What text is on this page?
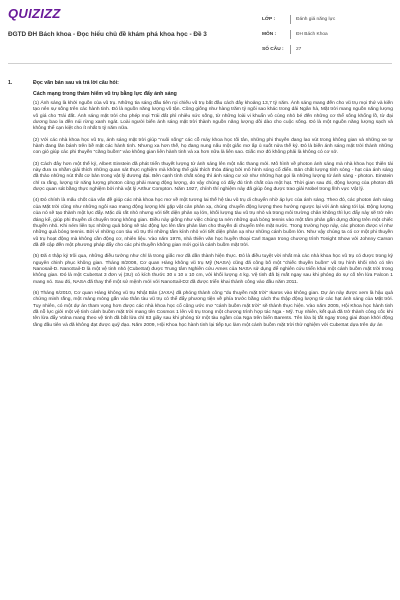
QUIZIZZ
ĐGTD ĐH Bách khoa - Đọc hiểu chủ đề khám phá khoa học - Đề 3
LỚP :	Đánh giá năng lực
MÔN :	ĐH Bách Khoa
SỐ CÂU :	27
1.	Đọc văn bản sau và trả lời câu hỏi:
Cách mạng trong thám hiểm vũ trụ bằng lực đẩy ánh sáng

(1) Ánh sáng là khởi nguồn của vũ trụ. Những tia sáng đầu tiên rọi chiếu vũ trụ bắt đầu cách đây khoảng 13,7 tỷ năm. Ánh sáng mang đến cho vũ trụ mọi thứ và kiến tạo nên sự sống trên các hành tinh. Đó là nguồn năng lượng vô tận. Cũng giống như hàng trăm tỷ ngôi sao khác trong dải Ngân hà, Mặt trời mang nguồn năng lượng vô giá cho Trái đất. Ánh sáng mặt trời cho phép mọi Trái đất phì nhiêu sức sống, từ những loài vi khuẩn vô cùng nhỏ bé đến những cơ thể sống khổng lồ, từ đại dương bao la đến núi rừng xanh ngát. Loài người biến ánh sáng mặt trời thành nguồn năng lượng dồi dào cho cuộc sống. Đó là một nguồn năng lượng sạch và không thể cạn kiệt cho ít nhất 5 tỷ năm nữa.

(2) Với các nhà khoa học vũ trụ, ánh sáng mặt trời giúp "nuôi sống" các cỗ máy khoa học tối tân, những phi thuyền đang lao vút trong không gian và những xe tự hành đang lăn bánh trên bề mặt các hành tinh. Nhưng xa hơn thế, họ đang nung nấu một giấc mơ ấp ủ suốt nửa thế kỷ. Đó là biến ánh sáng mặt trời thành những con gió giúp các phi thuyền "căng buồm" vào không gian liên hành tinh và xa hơn nữa là liên sao. Giấc mơ đó không phải là không có cơ sở.

(3) Cách đây hơn một thế kỷ, Albert Einstein đã phát triển thuyết lượng tử ánh sáng lên một nấc thang mới. Mô hình về photon ánh sáng mà nhà khoa học thiên tài này đưa ra nhằm giải thích những quan sát thực nghiệm mà không thể giải thích thỏa đáng bởi mô hình sóng cổ điển. Bản chất lượng tính sóng - hạt của ánh sáng đã thảo những nút thắt cơ bản trong vật lý đương đại. Bên cạnh tính chất sóng thì ánh sáng cư xử như những hạt gọi là những lượng tử ánh sáng - photon. Einstein chỉ ra rằng, lượng tử năng lượng photon cũng phải mang động lượng, do vậy chúng có đẩy đủ tính chất của một hạt. Thời gian sau đó, động lượng của photon đã được quan sát bằng thực nghiệm bởi nhà vật lý Arthur Compton. Năm 1927, chính thí nghiệm này đã giúp ông được trao giải Nobel trong lĩnh vực Vật lý.

(4) Đó chính là mấu chốt của vấn đề giúp các nhà khoa học mơ về một tương lai thế hệ tàu vũ trụ di chuyển nhờ áp lực của ánh sáng. Theo đó, các photon ánh sáng của Mặt trời cũng như những ngôi sao mang động lượng khi gặp vật cản phản xạ, chúng chuyển động lượng theo hướng ngược lại với ánh sáng tới lại. Động lượng của nó sẽ tạo thành một lực đẩy. Mặc dù rất nhỏ nhưng với tiết diện phản xạ lớn, khối lượng tàu vũ trụ nhỏ và trong môi trường chân không thì lực đẩy này sẽ trở nên đáng kể, giúp phi thuyền di chuyển trong không gian. Điều này giống như việc chúng ta nén những quả bóng tennis vào một tấm phản gắn dựng đứng trên một chiếc thuyền nhỏ. Khi ném liên tục những quả bóng sẽ tác động lực lên tấm phản làm cho thuyền di chuyển trên mặt nước. Trong trường hợp này, các photon được ví như những quả bóng tennis. Bởi vì những con tàu vũ trụ thì những tấm kính nhỏ với tiết diện phản xạ như những cánh buồm lớn. Như vậy chúng ta có cơ một phi thuyền vũ trụ hoạt động mà không cần động cơ, nhiên liệu. Vào năm 1976, nhà thiên văn học huyền thoại Carl Sagan trong chương trình Tonight Show với Johnny Carson đã đề cập đến một phương pháp đẩy cho các phi thuyền không gian mới gọi là cánh buồm mặt trời.

(5) Đã 4 thập kỷ trôi qua, những điều tưởng như chỉ là trong giấc mơ đã dần thành hiện thực. Đó là điều tuyệt vời nhất mà các nhà khoa học vũ trụ có được trong kỷ nguyên chinh phục không gian. Tháng 8/2008, Cơ quan Hàng không vũ trụ Mỹ (NASA) cũng đã công bố một "chiếc thuyền buồm" vũ trụ hình khối nhỏ có tên Nanosail-D. NanoSail-D là một vệ tinh nhỏ (CubeSat) được Trung tâm Nghiên cứu Ames của NASA sử dụng để nghiên cứu triển khai một cánh buồm mặt trời trong không gian. Đó là một CubeSat 3 đơn vị (3U) có kích thước 30 x 10 x 10 cm, với khối lượng 4 kg. Vệ tinh đã bị mất ngay sau khi phóng do sự cố tên lửa Falcon 1 mang nó. Sau đó, NASA đã thay thế một sứ mệnh mới với NanoSail-D2 đã được triển khai thành công vào đầu năm 2011.

(6) Tháng 6/2010, Cơ quan Hàng không vũ trụ Nhật Bản (JAXA) đã phóng thành công "du thuyền mặt trời" Ikaros vào không gian. Dự án này được xem là hậu quả chứng minh rằng, một mảng mỏng gắn vào thân tàu vũ trụ có thể đẩy phương tiện về phía trước bằng cách thu thập động lượng từ các hạt ánh sáng của Mặt trời. Tuy nhiên, có một dự án tham vọng hơn được các nhà khoa học cổ cũng ước mơ "cánh buồm mặt trời" sẽ thành thực hiện. Vào năm 2005, Hội Khoa học hành tinh đã nỗ lực giới một vệ tinh cánh buồm mặt trời mang tên Cosmos 1 lên vũ trụ trong một chương trình hợp tác Nga - Mỹ. Tuy nhiên, kết quả đã trở thành công cốc khi tên lửa đẩy Volna mang theo vệ tinh đã bắt lửa chỉ 83 giây sau khi phóng từ một tàu ngầm của Nga trên biển Barents. Tên lửa bị tắt ngay trong giai đoạn khởi động tầng đầu tiên và đã không đạt được quỹ đạo. Năm 2009, Hội Khoa học hành tinh lại tiếp tục làm một cánh buồm mặt trời thử nghiệm với CubeSat dựa trên dự án
